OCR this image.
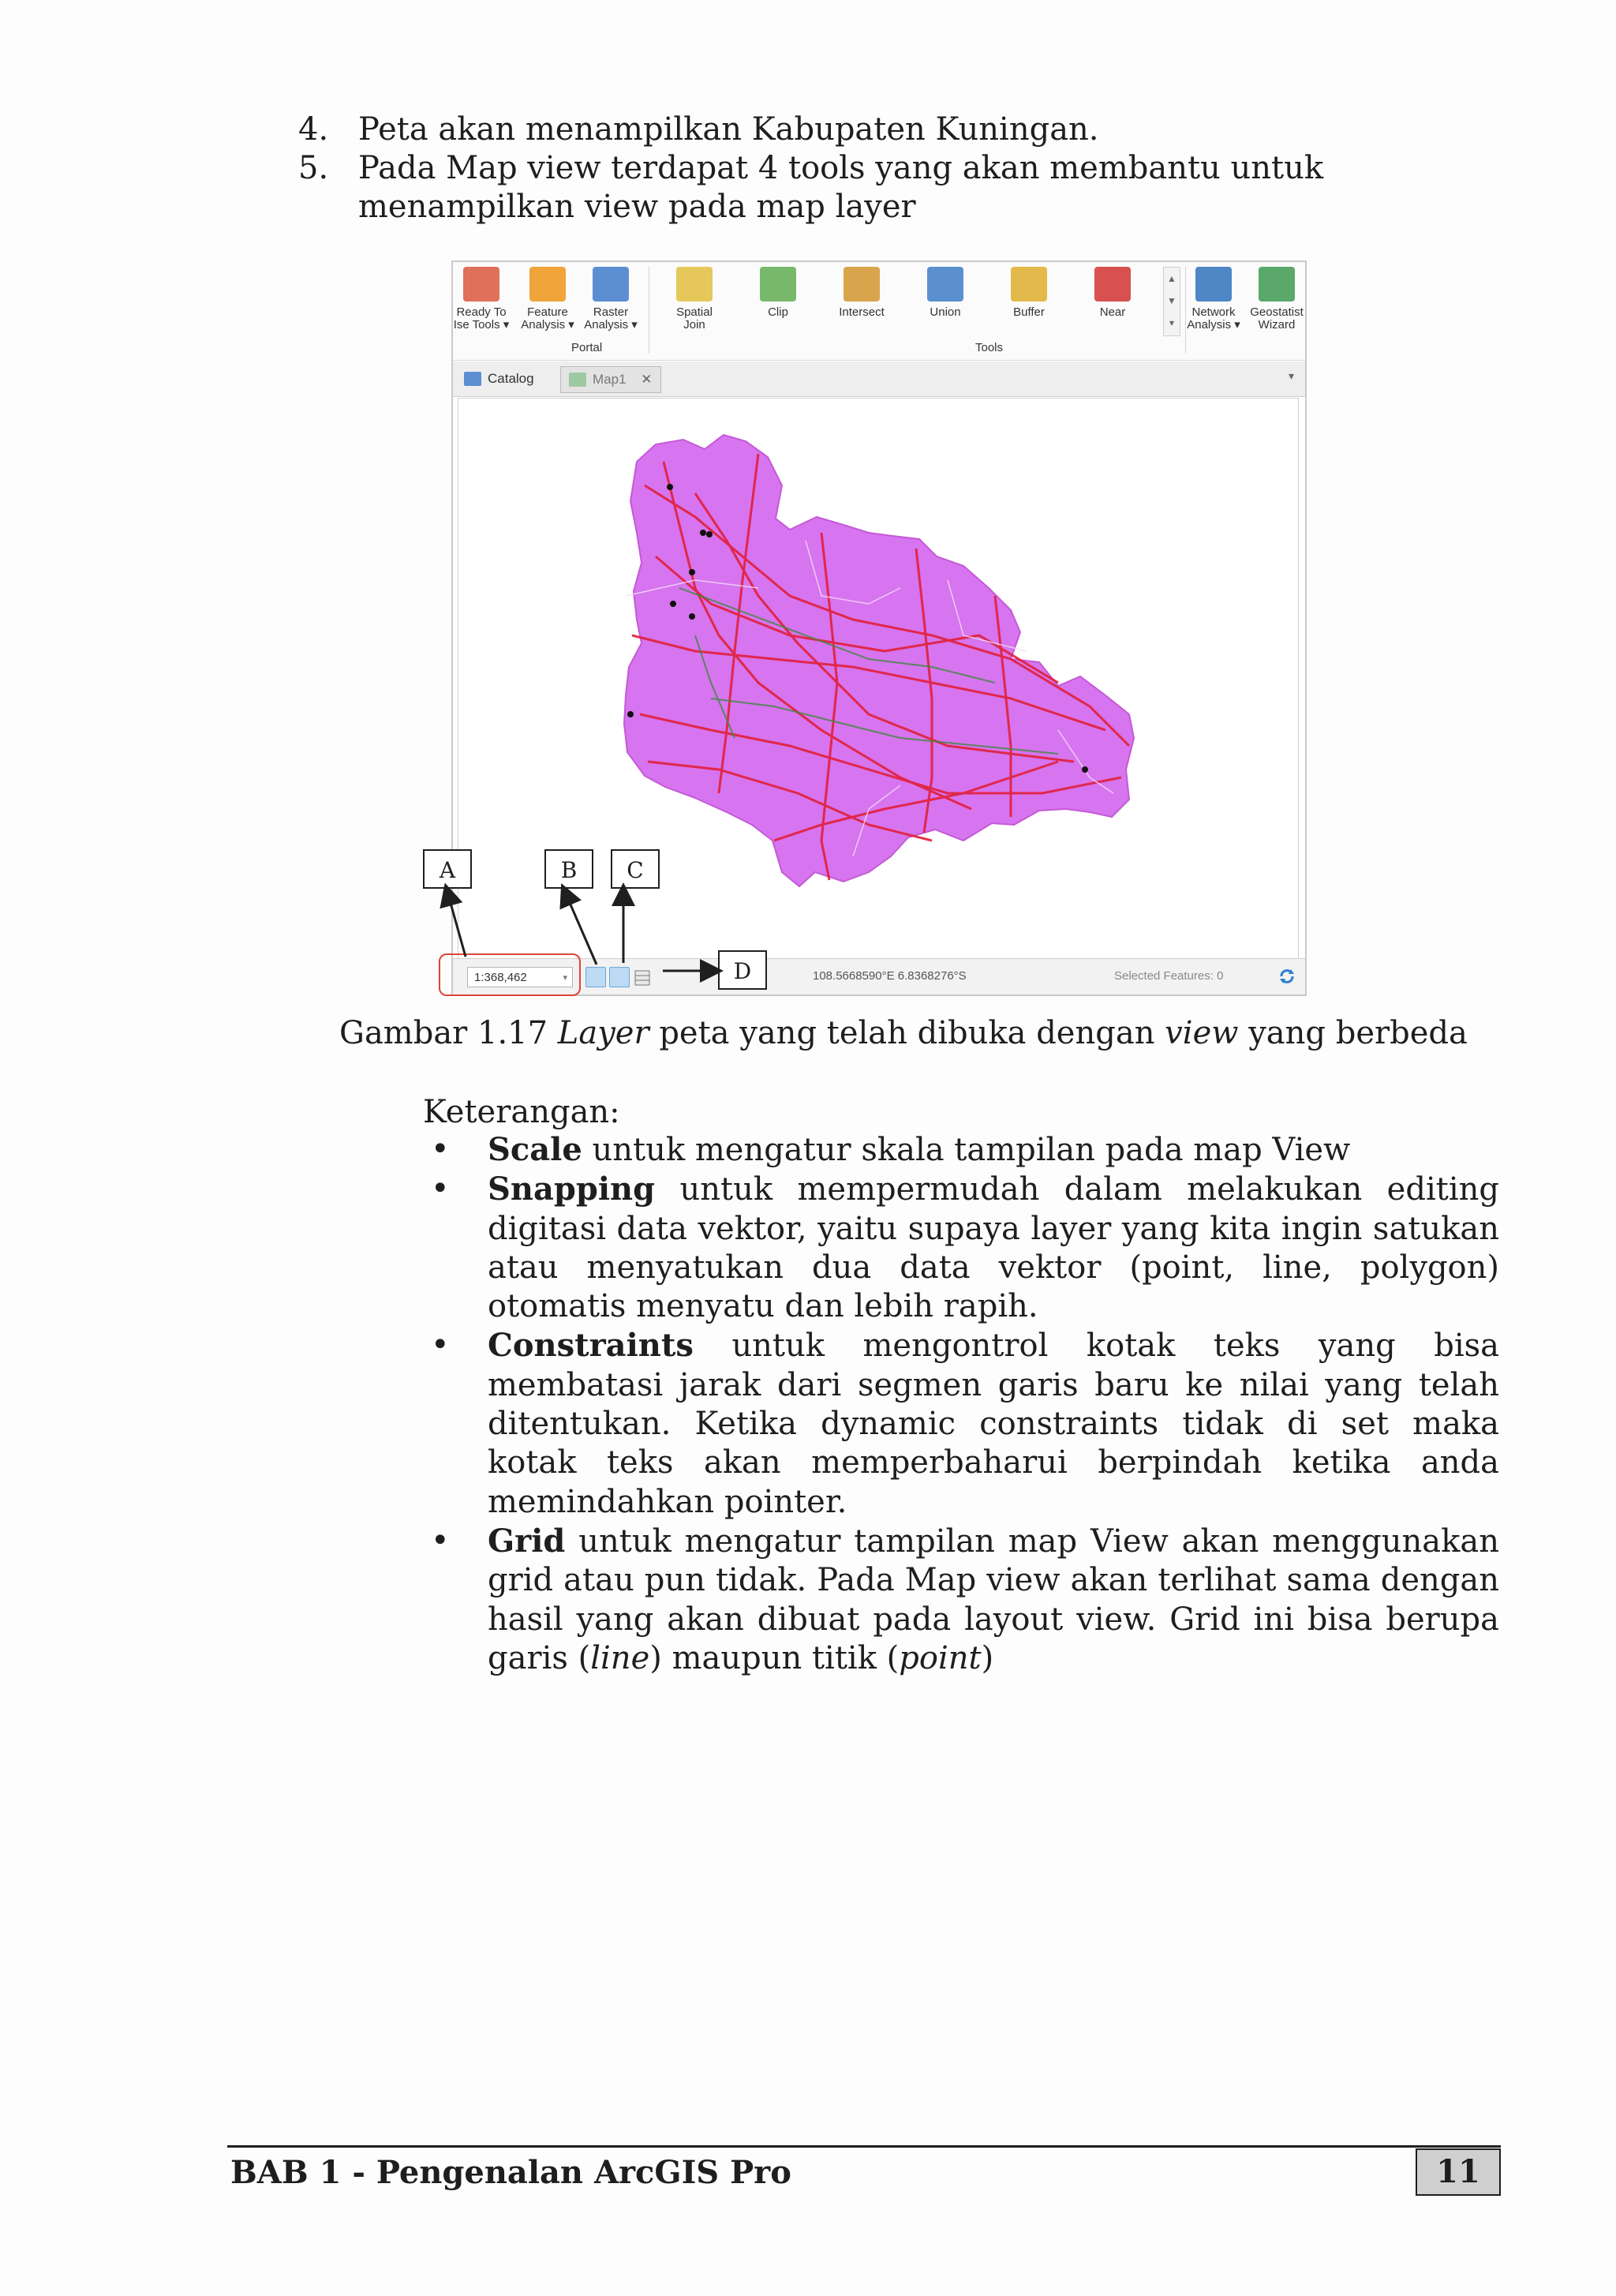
4. Peta akan menampilkan Kabupaten Kuningan.
5. Pada Map view terdapat 4 tools yang akan membantu untuk menampilkan view pada map layer
Ready To
Ise Tools ▾
Feature
Analysis ▾
Raster
Analysis ▾
Spatial
Join
Clip	Intersect	Union	Buffer	Near
▲
▼
▾
Network
Analysis ▾
Geostatist
Wizard
Portal	Tools
Catalog	Map1 ✕	▾
1:368,462	▾	108.5668590°E 6.8368276°S	Selected Features: 0
A	B	C
D
Gambar 1.17 Layer peta yang telah dibuka dengan view yang berbeda
Keterangan:
• Scale untuk mengatur skala tampilan pada map View
• Snapping untuk mempermudah dalam melakukan editing digitasi data vektor, yaitu supaya layer yang kita ingin satukan atau menyatukan dua data vektor (point, line, polygon) otomatis menyatu dan lebih rapih.
• Constraints untuk mengontrol kotak teks yang bisa membatasi jarak dari segmen garis baru ke nilai yang telah ditentukan. Ketika dynamic constraints tidak di set maka kotak teks akan memperbaharui berpindah ketika anda memindahkan pointer.
• Grid untuk mengatur tampilan map View akan menggunakan grid atau pun tidak. Pada Map view akan terlihat sama dengan hasil yang akan dibuat pada layout view. Grid ini bisa berupa garis (line) maupun titik (point)
BAB 1 - Pengenalan ArcGIS Pro	11
